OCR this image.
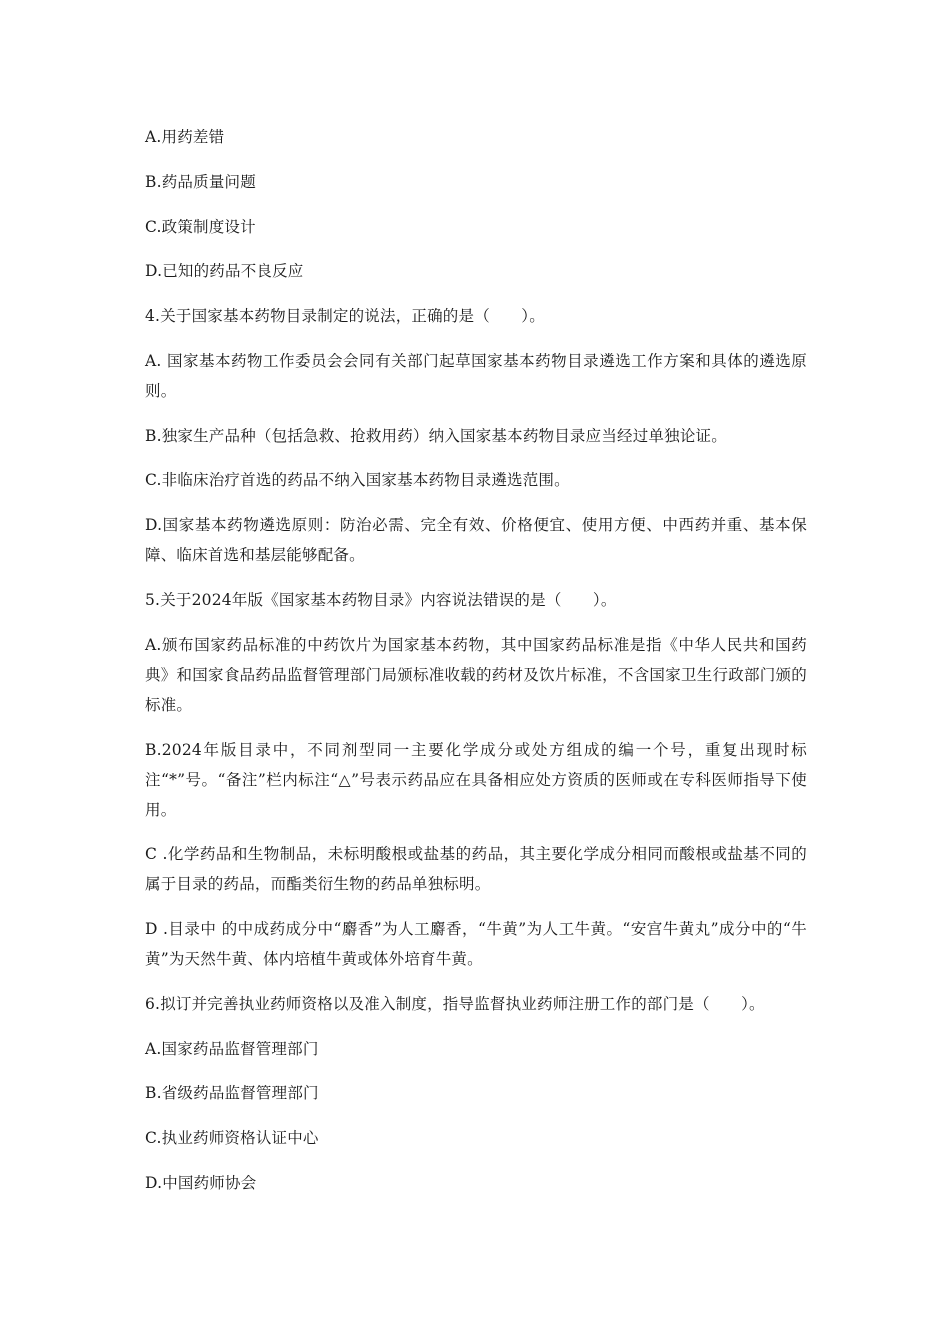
A.用药差错

B.药品质量问题

C.政策制度设计

D.已知的药品不良反应

4.关于国家基本药物目录制定的说法，正确的是（　　）。

A. 国家基本药物工作委员会会同有关部门起草国家基本药物目录遴选工作方案和具体的遴选原则。

B.独家生产品种（包括急救、抢救用药）纳入国家基本药物目录应当经过单独论证。

C.非临床治疗首选的药品不纳入国家基本药物目录遴选范围。

D.国家基本药物遴选原则：防治必需、完全有效、价格便宜、使用方便、中西药并重、基本保障、临床首选和基层能够配备。

5.关于2024年版《国家基本药物目录》内容说法错误的是（　　）。

A.颁布国家药品标准的中药饮片为国家基本药物，其中国家药品标准是指《中华人民共和国药典》和国家食品药品监督管理部门局颁标准收载的药材及饮片标准，不含国家卫生行政部门颁的标准。

B.2024年版目录中，不同剂型同一主要化学成分或处方组成的编一个号，重复出现时标注“*”号。“备注”栏内标注“△”号表示药品应在具备相应处方资质的医师或在专科医师指导下使用。

C .化学药品和生物制品，未标明酸根或盐基的药品，其主要化学成分相同而酸根或盐基不同的属于目录的药品，而酯类衍生物的药品单独标明。

D .目录中 的中成药成分中“麝香”为人工麝香，“牛黄”为人工牛黄。“安宫牛黄丸”成分中的“牛黄”为天然牛黄、体内培植牛黄或体外培育牛黄。

6.拟订并完善执业药师资格以及准入制度，指导监督执业药师注册工作的部门是（　　）。

A.国家药品监督管理部门

B.省级药品监督管理部门

C.执业药师资格认证中心

D.中国药师协会
